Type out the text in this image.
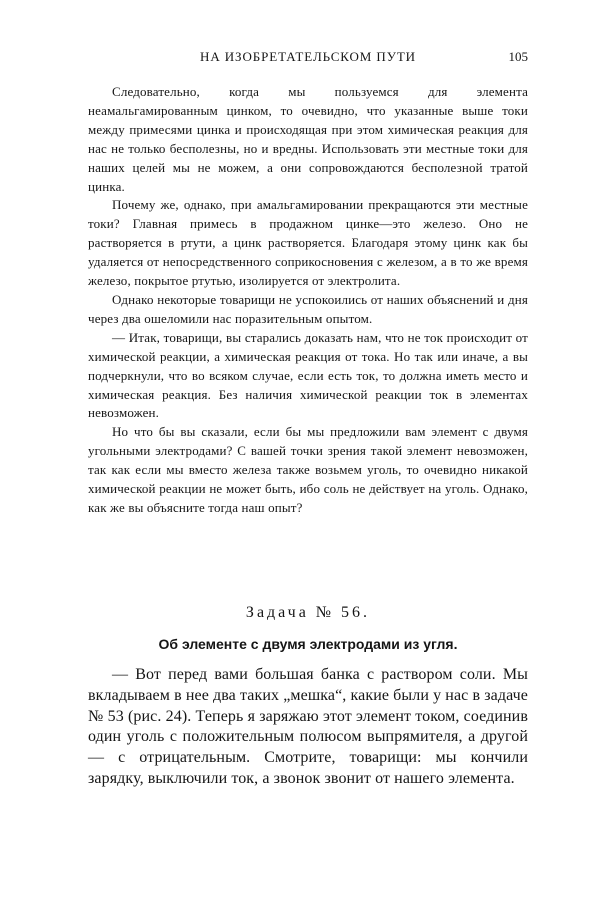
НА ИЗОБРЕТАТЕЛЬСКОМ ПУТИ	105

Следовательно, когда мы пользуемся для элемента неамальгамированным цинком, то очевидно, что указанные выше токи между примесями цинка и происходящая при этом химическая реакция для нас не только бесполезны, но и вредны. Использовать эти местные токи для наших целей мы не можем, а они сопровождаются бесполезной тратой цинка.

Почему же, однако, при амальгамировании прекращаются эти местные токи? Главная примесь в продажном цинке—это железо. Оно не растворяется в ртути, а цинк растворяется. Благодаря этому цинк как бы удаляется от непосредственного соприкосновения с железом, а в то же время железо, покрытое ртутью, изолируется от электролита.

Однако некоторые товарищи не успокоились от наших объяснений и дня через два ошеломили нас поразительным опытом.

— Итак, товарищи, вы старались доказать нам, что не ток происходит от химической реакции, а химическая реакция от тока. Но так или иначе, а вы подчеркнули, что во всяком случае, если есть ток, то должна иметь место и химическая реакция. Без наличия химической реакции ток в элементах невозможен.

Но что бы вы сказали, если бы мы предложили вам элемент с двумя угольными электродами? С вашей точки зрения такой элемент невозможен, так как если мы вместо железа также возьмем уголь, то очевидно никакой химической реакции не может быть, ибо соль не действует на уголь. Однако, как же вы объясните тогда наш опыт?

Задача № 56.
Об элементе с двумя электродами из угля.

— Вот перед вами большая банка с раствором соли. Мы вкладываем в нее два таких „мешка“, какие были у нас в задаче № 53 (рис. 24). Теперь я заряжаю этот элемент током, соединив один уголь с положительным полюсом выпрямителя, а другой — с отрицательным. Смотрите, товарищи: мы кончили зарядку, выключили ток, а звонок звонит от нашего элемента.
